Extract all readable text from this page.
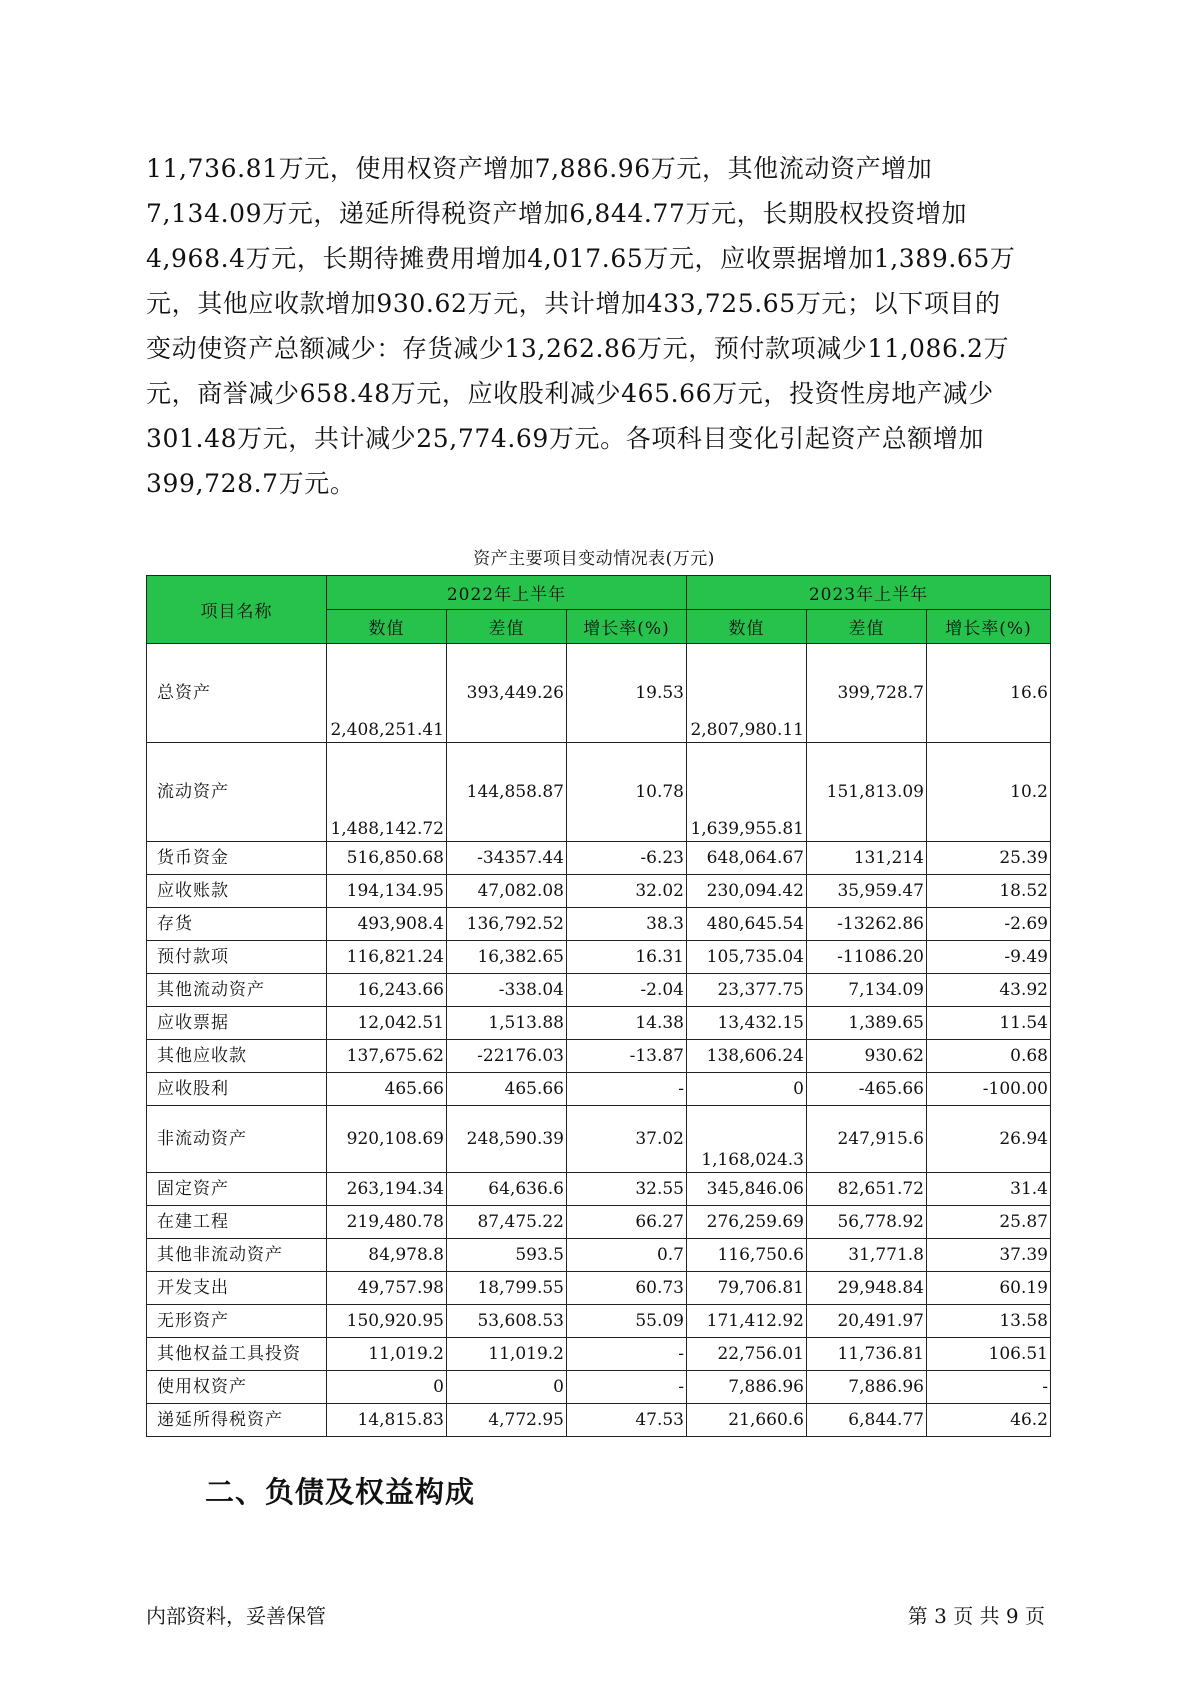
11,736.81万元，使用权资产增加7,886.96万元，其他流动资产增加
7,134.09万元，递延所得税资产增加6,844.77万元，长期股权投资增加
4,968.4万元，长期待摊费用增加4,017.65万元，应收票据增加1,389.65万
元，其他应收款增加930.62万元，共计增加433,725.65万元；以下项目的
变动使资产总额减少：存货减少13,262.86万元，预付款项减少11,086.2万
元，商誉减少658.48万元，应收股利减少465.66万元，投资性房地产减少
301.48万元，共计减少25,774.69万元。各项科目变化引起资产总额增加
399,728.7万元。
资产主要项目变动情况表(万元)
项目名称	2022年上半年			2023年上半年		
	数值	差值	增长率(%)	数值	差值	增长率(%)
总资产	2,408,251.41	393,449.26	19.53	2,807,980.11	399,728.7	16.6
流动资产	1,488,142.72	144,858.87	10.78	1,639,955.81	151,813.09	10.2
货币资金	516,850.68	-34357.44	-6.23	648,064.67	131,214	25.39
应收账款	194,134.95	47,082.08	32.02	230,094.42	35,959.47	18.52
存货	493,908.4	136,792.52	38.3	480,645.54	-13262.86	-2.69
预付款项	116,821.24	16,382.65	16.31	105,735.04	-11086.20	-9.49
其他流动资产	16,243.66	-338.04	-2.04	23,377.75	7,134.09	43.92
应收票据	12,042.51	1,513.88	14.38	13,432.15	1,389.65	11.54
其他应收款	137,675.62	-22176.03	-13.87	138,606.24	930.62	0.68
应收股利	465.66	465.66	-	0	-465.66	-100.00
非流动资产	920,108.69	248,590.39	37.02	1,168,024.3	247,915.6	26.94
固定资产	263,194.34	64,636.6	32.55	345,846.06	82,651.72	31.4
在建工程	219,480.78	87,475.22	66.27	276,259.69	56,778.92	25.87
其他非流动资产	84,978.8	593.5	0.7	116,750.6	31,771.8	37.39
开发支出	49,757.98	18,799.55	60.73	79,706.81	29,948.84	60.19
无形资产	150,920.95	53,608.53	55.09	171,412.92	20,491.97	13.58
其他权益工具投资	11,019.2	11,019.2	-	22,756.01	11,736.81	106.51
使用权资产	0	0	-	7,886.96	7,886.96	-
递延所得税资产	14,815.83	4,772.95	47.53	21,660.6	6,844.77	46.2
二、负债及权益构成
内部资料，妥善保管	第 3 页 共 9 页
